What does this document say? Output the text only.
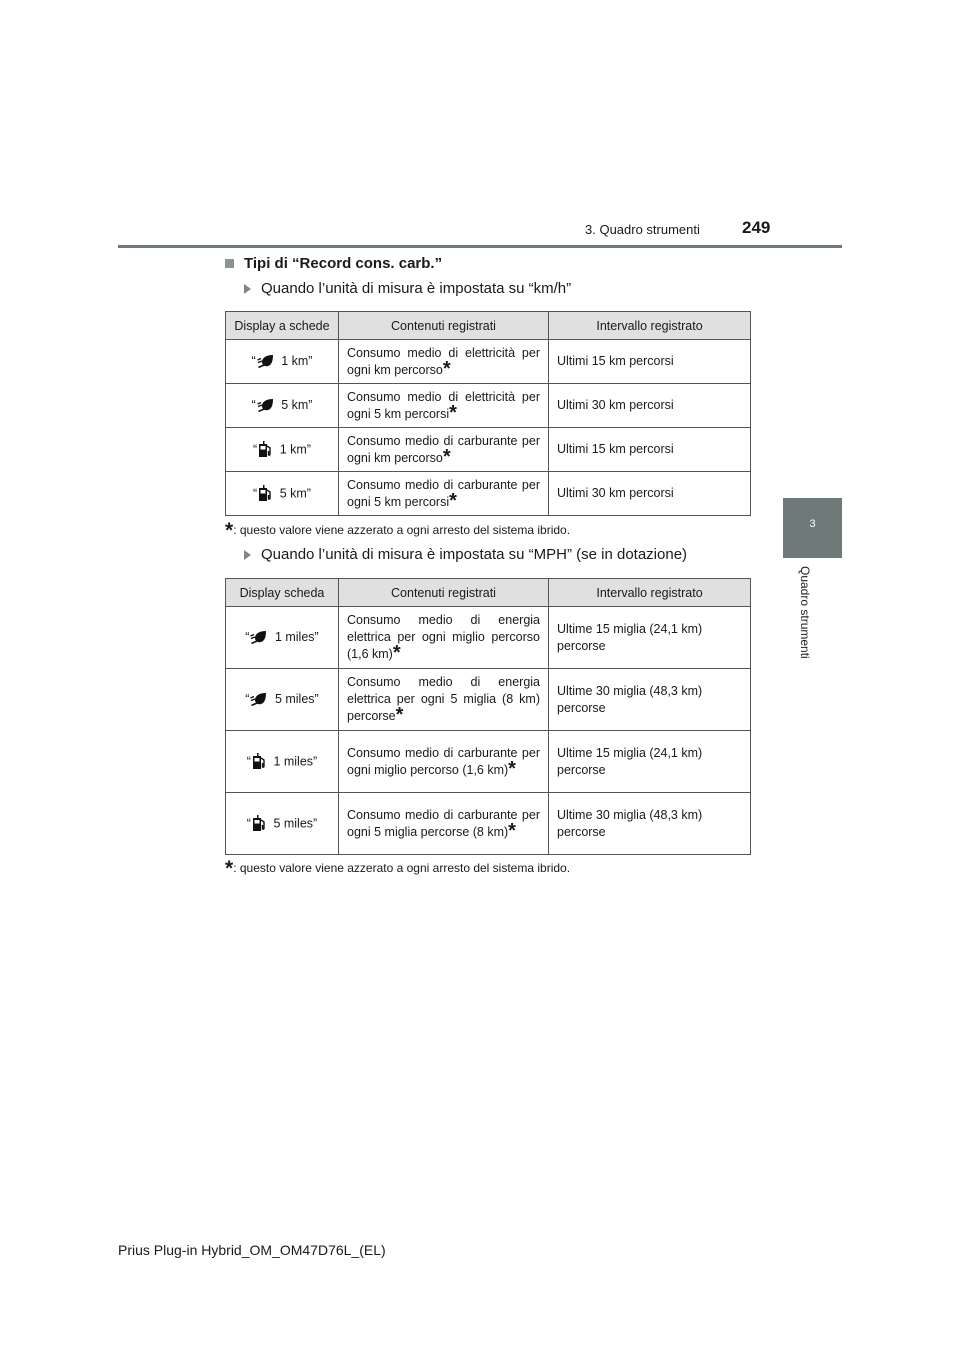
3. Quadro strumenti 249
3
Quadro strumenti
Tipi di “Record cons. carb.”
Quando l’unità di misura è impostata su “km/h”
Display a schede	Contenuti registrati	Intervallo registrato
“ 1 km”	Consumo medio di elettricità per ogni km percorso*	Ultimi 15 km percorsi
“ 5 km”	Consumo medio di elettricità per ogni 5 km percorsi*	Ultimi 30 km percorsi
“ 1 km”	Consumo medio di carburante per ogni km percorso*	Ultimi 15 km percorsi
“ 5 km”	Consumo medio di carburante per ogni 5 km percorsi*	Ultimi 30 km percorsi
*: questo valore viene azzerato a ogni arresto del sistema ibrido.
Quando l’unità di misura è impostata su “MPH” (se in dotazione)
Display scheda	Contenuti registrati	Intervallo registrato
“ 1 miles”	Consumo medio di energia elettrica per ogni miglio percorso (1,6 km)*	Ultime 15 miglia (24,1 km) percorse
“ 5 miles”	Consumo medio di energia elettrica per ogni 5 miglia (8 km) percorse*	Ultime 30 miglia (48,3 km) percorse
“ 1 miles”	Consumo medio di carburante per ogni miglio percorso (1,6 km)*	Ultime 15 miglia (24,1 km) percorse
“ 5 miles”	Consumo medio di carburante per ogni 5 miglia percorse (8 km)*	Ultime 30 miglia (48,3 km) percorse
*: questo valore viene azzerato a ogni arresto del sistema ibrido.
Prius Plug-in Hybrid_OM_OM47D76L_(EL)
